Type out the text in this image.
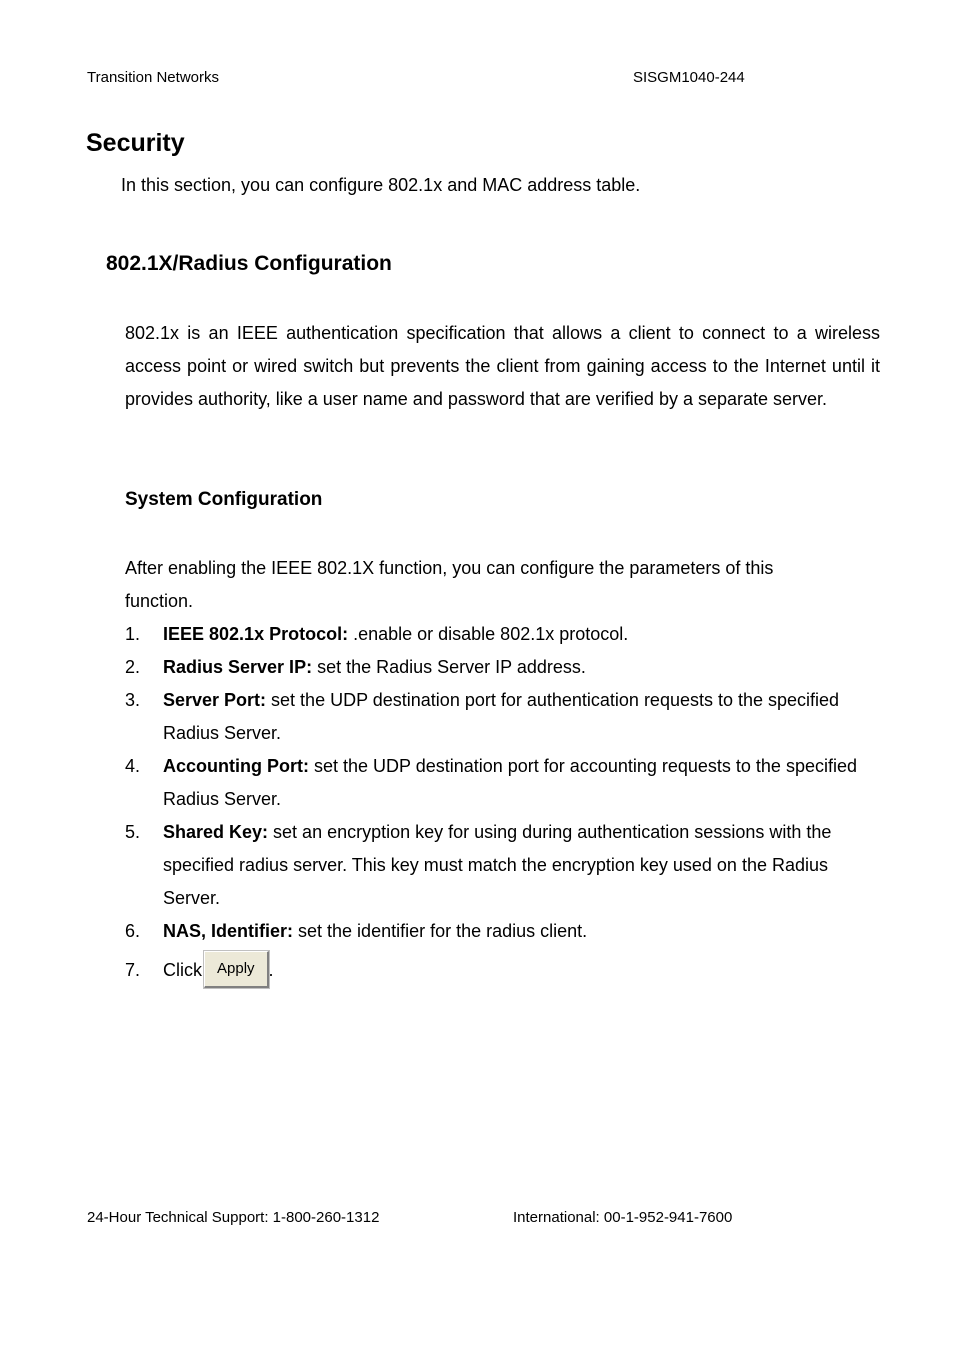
Transition Networks	SISGM1040-244
Security
In this section, you can configure 802.1x and MAC address table.
802.1X/Radius Configuration
802.1x is an IEEE authentication specification that allows a client to connect to a wireless access point or wired switch but prevents the client from gaining access to the Internet until it provides authority, like a user name and password that are verified by a separate server.
System Configuration
After enabling the IEEE 802.1X function, you can configure the parameters of this function.
1. IEEE 802.1x Protocol: .enable or disable 802.1x protocol.
2. Radius Server IP: set the Radius Server IP address.
3. Server Port: set the UDP destination port for authentication requests to the specified Radius Server.
4. Accounting Port: set the UDP destination port for accounting requests to the specified Radius Server.
5. Shared Key: set an encryption key for using during authentication sessions with the specified radius server. This key must match the encryption key used on the Radius Server.
6. NAS, Identifier: set the identifier for the radius client.
7. Click Apply .
24-Hour Technical Support: 1-800-260-1312	International: 00-1-952-941-7600
